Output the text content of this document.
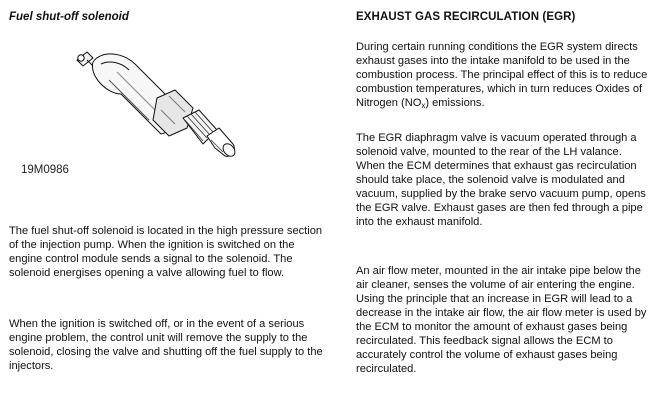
Fuel shut-off solenoid
19M0986

The fuel shut-off solenoid is located in the high pressure section of the injection pump. When the ignition is switched on the engine control module sends a signal to the solenoid. The solenoid energises opening a valve allowing fuel to flow.

When the ignition is switched off, or in the event of a serious engine problem, the control unit will remove the supply to the solenoid, closing the valve and shutting off the fuel supply to the injectors.

EXHAUST GAS RECIRCULATION (EGR)

During certain running conditions the EGR system directs exhaust gases into the intake manifold to be used in the combustion process. The principal effect of this is to reduce combustion temperatures, which in turn reduces Oxides of Nitrogen $(NO_x)$ emissions.

The EGR diaphragm valve is vacuum operated through a solenoid valve, mounted to the rear of the LH valance. When the ECM determines that exhaust gas recirculation should take place, the solenoid valve is modulated and vacuum, supplied by the brake servo vacuum pump, opens the EGR valve. Exhaust gases are then fed through a pipe into the exhaust manifold.

An air flow meter, mounted in the air intake pipe below the air cleaner, senses the volume of air entering the engine. Using the principle that an increase in EGR will lead to a decrease in the intake air flow, the air flow meter is used by the ECM to monitor the amount of exhaust gases being recirculated. This feedback signal allows the ECM to accurately control the volume of exhaust gases being recirculated.
